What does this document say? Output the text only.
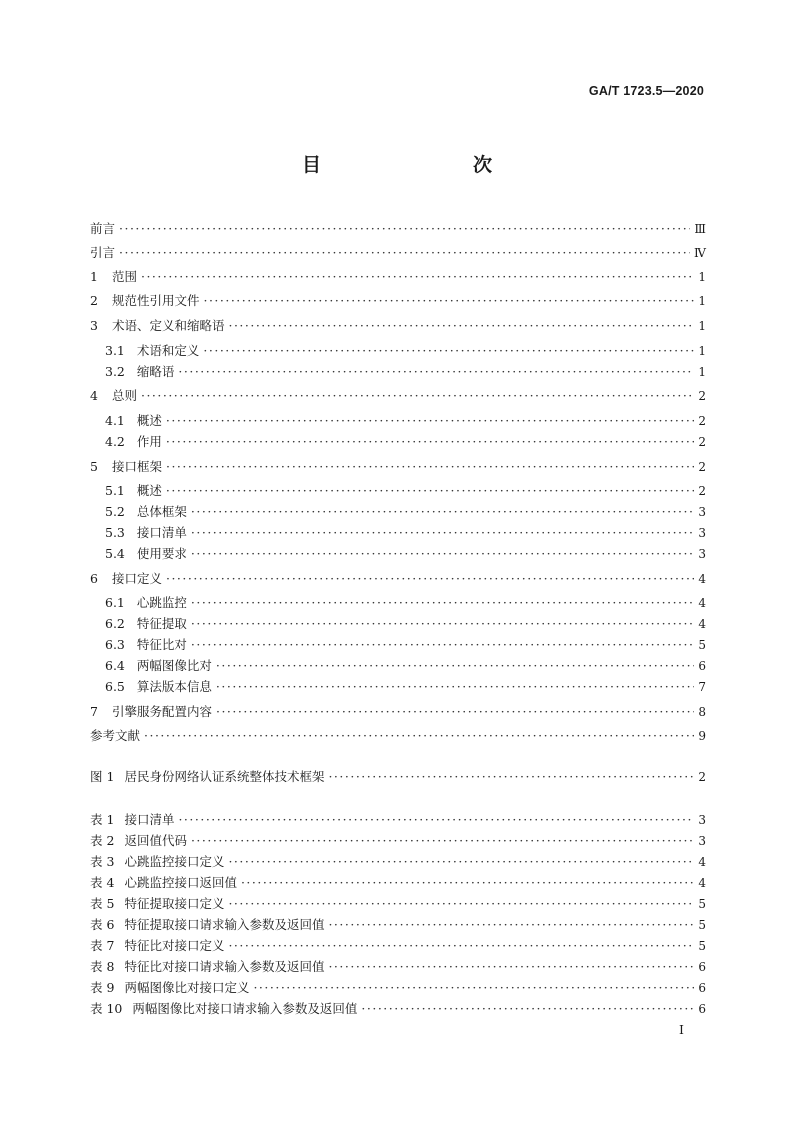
GA/T 1723.5—2020
目　　次
前言 ·····	Ⅲ
引言 ·····	Ⅳ
1 范围 ·····	1
2 规范性引用文件 ·····	1
3 术语、定义和缩略语 ·····	1
3.1 术语和定义 ·····	1
3.2 缩略语 ·····	1
4 总则 ·····	2
4.1 概述 ·····	2
4.2 作用 ·····	2
5 接口框架 ·····	2
5.1 概述 ·····	2
5.2 总体框架 ·····	3
5.3 接口清单 ·····	3
5.4 使用要求 ·····	3
6 接口定义 ·····	4
6.1 心跳监控 ·····	4
6.2 特征提取 ·····	4
6.3 特征比对 ·····	5
6.4 两幅图像比对 ·····	6
6.5 算法版本信息 ·····	7
7 引擎服务配置内容 ·····	8
参考文献 ·····	9
图 1 居民身份网络认证系统整体技术框架 ·····	2
表 1 接口清单 ·····	3
表 2 返回值代码 ·····	3
表 3 心跳监控接口定义 ·····	4
表 4 心跳监控接口返回值 ·····	4
表 5 特征提取接口定义 ·····	5
表 6 特征提取接口请求输入参数及返回值 ·····	5
表 7 特征比对接口定义 ·····	5
表 8 特征比对接口请求输入参数及返回值 ·····	6
表 9 两幅图像比对接口定义 ·····	6
表 10 两幅图像比对接口请求输入参数及返回值 ·····	6
I
